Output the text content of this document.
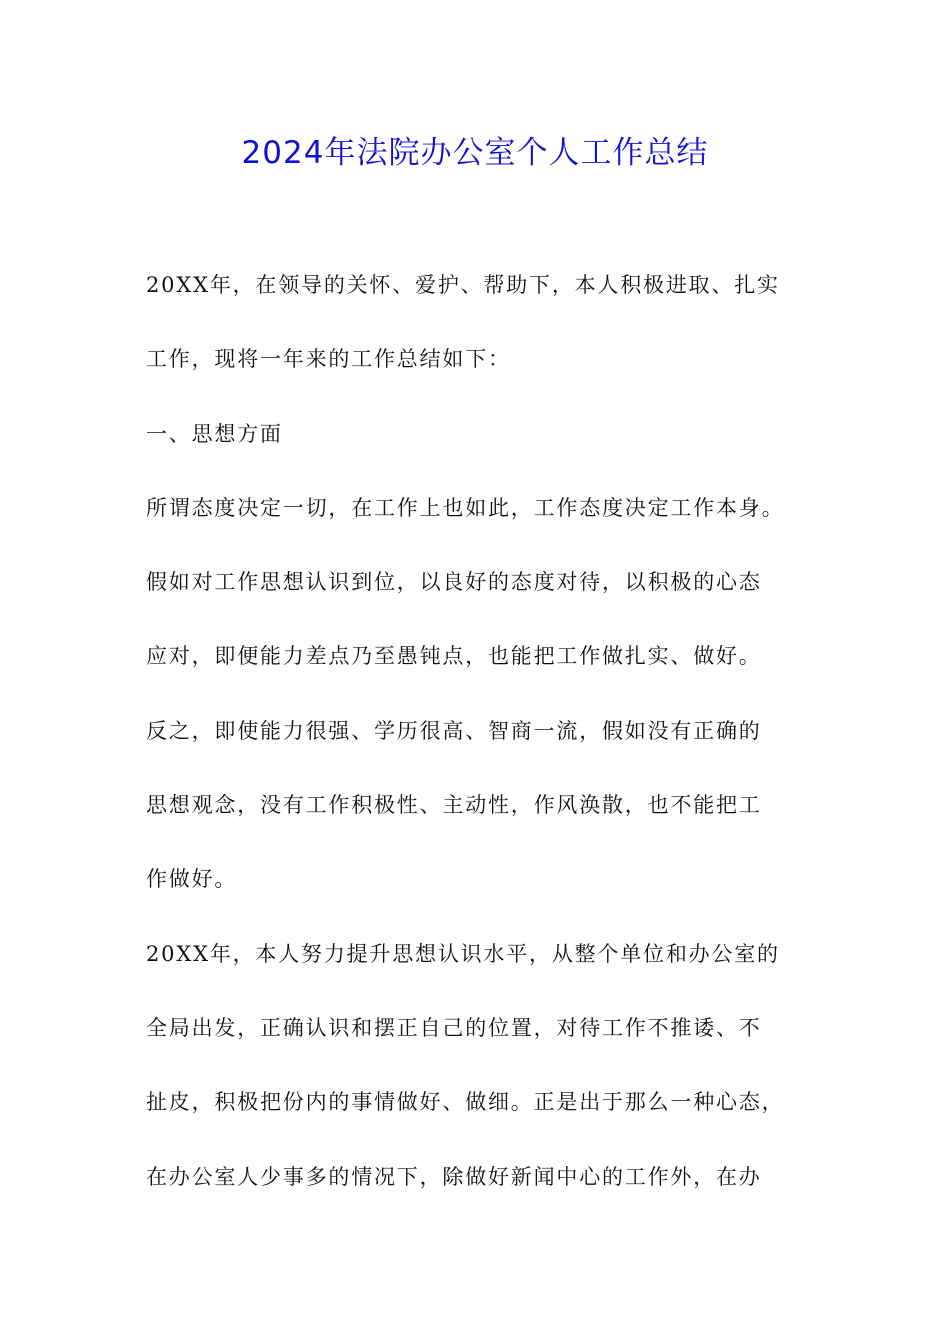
2024年法院办公室个人工作总结
20XX年，在领导的关怀、爱护、帮助下，本人积极进取、扎实
工作，现将一年来的工作总结如下：
一、思想方面
所谓态度决定一切，在工作上也如此，工作态度决定工作本身。
假如对工作思想认识到位，以良好的态度对待，以积极的心态
应对，即便能力差点乃至愚钝点，也能把工作做扎实、做好。
反之，即使能力很强、学历很高、智商一流，假如没有正确的
思想观念，没有工作积极性、主动性，作风涣散，也不能把工
作做好。
20XX年，本人努力提升思想认识水平，从整个单位和办公室的
全局出发，正确认识和摆正自己的位置，对待工作不推诿、不
扯皮，积极把份内的事情做好、做细。正是出于那么一种心态，
在办公室人少事多的情况下，除做好新闻中心的工作外，在办
